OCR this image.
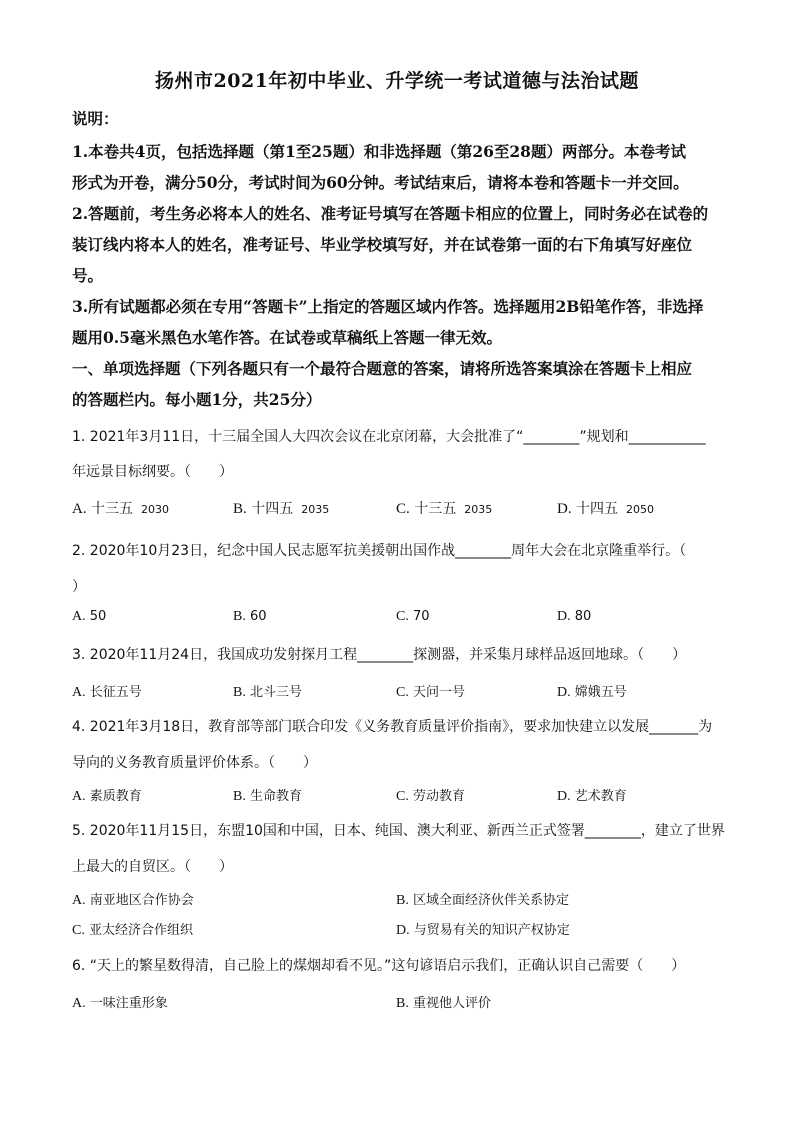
扬州市2021年初中毕业、升学统一考试道德与法治试题
说明：
1.本卷共4页，包括选择题（第1至25题）和非选择题（第26至28题）两部分。本卷考试
形式为开卷，满分50分，考试时间为60分钟。考试结束后，请将本卷和答题卡一并交回。
2.答题前，考生务必将本人的姓名、准考证号填写在答题卡相应的位置上，同时务必在试卷的
装订线内将本人的姓名，准考证号、毕业学校填写好，并在试卷第一面的右下角填写好座位
号。
3.所有试题都必须在专用“答题卡”上指定的答题区域内作答。选择题用2B铅笔作答，非选择
题用0.5毫米黑色水笔作答。在试卷或草稿纸上答题一律无效。
一、单项选择题（下列各题只有一个最符合题意的答案，请将所选答案填涂在答题卡上相应
的答题栏内。每小题1分，共25分）
1. 2021年3月11日，十三届全国人大四次会议在北京闭幕，大会批准了“________”规划和___________
年远景目标纲要。（　　）
A. 十三五 2030	B. 十四五 2035	C. 十三五 2035	D. 十四五 2050
2. 2020年10月23日，纪念中国人民志愿军抗美援朝出国作战________周年大会在北京隆重举行。（
）
A. 50	B. 60	C. 70	D. 80
3. 2020年11月24日，我国成功发射探月工程________探测器，并采集月球样品返回地球。（　　）
A. 长征五号	B. 北斗三号	C. 天问一号	D. 嫦娥五号
4. 2021年3月18日，教育部等部门联合印发《义务教育质量评价指南》，要求加快建立以发展_______为
导向的义务教育质量评价体系。（　　）
A. 素质教育	B. 生命教育	C. 劳动教育	D. 艺术教育
5. 2020年11月15日，东盟10国和中国，日本、纯国、澳大利亚、新西兰正式签署________，建立了世界
上最大的自贸区。（　　）
A. 南亚地区合作协会	B. 区域全面经济伙伴关系协定
C. 亚太经济合作组织	D. 与贸易有关的知识产权协定
6. “天上的繁星数得清，自己脸上的煤烟却看不见。”这句谚语启示我们，正确认识自己需要（　　）
A. 一味注重形象	B. 重视他人评价
